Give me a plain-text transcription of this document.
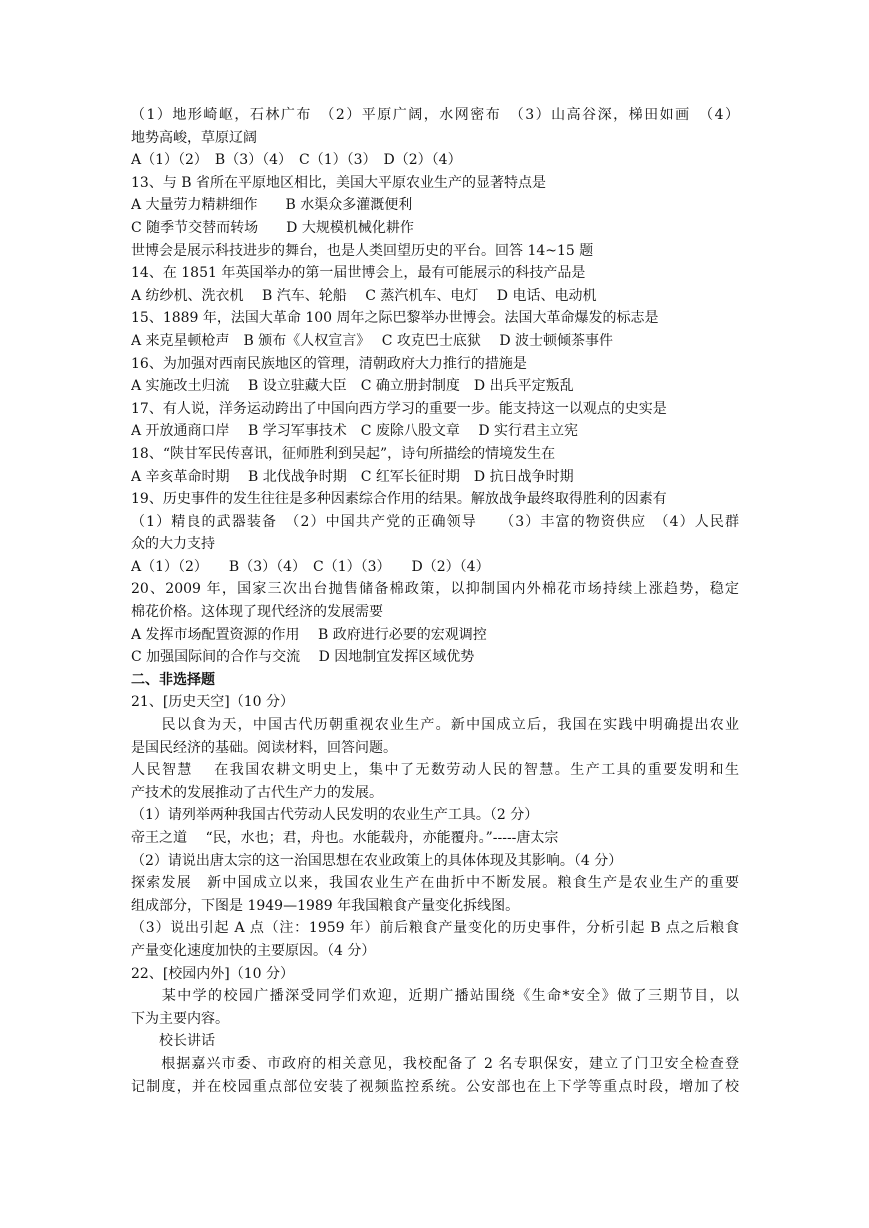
（1）地形崎岖，石林广布　（2）平原广阔，水网密布　（3）山高谷深，梯田如画　（4）
地势高峻，草原辽阔
A（1）（2）　B（3）（4）　C（1）（3）　D（2）（4）
13、与 B 省所在平原地区相比，美国大平原农业生产的显著特点是
A 大量劳力精耕细作　　B 水渠众多灌溉便利
C 随季节交替而转场　　D 大规模机械化耕作
世博会是展示科技进步的舞台，也是人类回望历史的平台。回答 14~15 题
14、在 1851 年英国举办的第一届世博会上，最有可能展示的科技产品是
A 纺纱机、洗衣机　 B 汽车、轮船　 C 蒸汽机车、电灯　 D 电话、电动机
15、1889 年，法国大革命 100 周年之际巴黎举办世博会。法国大革命爆发的标志是
A 来克星顿枪声　B 颁布《人权宣言》　 C 攻克巴士底狱　 D 波士顿倾茶事件
16、为加强对西南民族地区的管理，清朝政府大力推行的措施是
A 实施改土归流　 B 设立驻藏大臣　C 确立册封制度　D 出兵平定叛乱
17、有人说，洋务运动跨出了中国向西方学习的重要一步。能支持这一以观点的史实是
A 开放通商口岸　 B 学习军事技术　C 废除八股文章　 D 实行君主立宪
18、“陕甘军民传喜讯，征师胜利到吴起”，诗句所描绘的情境发生在
A 辛亥革命时期　 B 北伐战争时期　C 红军长征时期　D 抗日战争时期
19、历史事件的发生往往是多种因素综合作用的结果。解放战争最终取得胜利的因素有
（1）精良的武器装备　（2）中国共产党的正确领导　　（3）丰富的物资供应　（4）人民群
众的大力支持
A（1）（2）　　B（3）（4）　C（1）（3）　　D（2）（4）
20、2009 年，国家三次出台抛售储备棉政策，以抑制国内外棉花市场持续上涨趋势，稳定
棉花价格。这体现了现代经济的发展需要
A 发挥市场配置资源的作用　 B 政府进行必要的宏观调控
C 加强国际间的合作与交流　 D 因地制宜发挥区域优势
二、非选择题
21、[历史天空]（10 分）
　　民以食为天，中国古代历朝重视农业生产。新中国成立后，我国在实践中明确提出农业
是国民经济的基础。阅读材料，回答问题。
人民智慧　 在我国农耕文明史上，集中了无数劳动人民的智慧。生产工具的重要发明和生
产技术的发展推动了古代生产力的发展。
（1）请列举两种我国古代劳动人民发明的农业生产工具。（2 分）
帝王之道　 “民，水也；君，舟也。水能载舟，亦能覆舟。”-----唐太宗
（2）请说出唐太宗的这一治国思想在农业政策上的具体体现及其影响。（4 分）
探索发展　新中国成立以来，我国农业生产在曲折中不断发展。粮食生产是农业生产的重要
组成部分，下图是 1949—1989 年我国粮食产量变化拆线图。
（3）说出引起 A 点（注：1959 年）前后粮食产量变化的历史事件，分析引起 B 点之后粮食
产量变化速度加快的主要原因。（4 分）
22、[校园内外]（10 分）
　　某中学的校园广播深受同学们欢迎，近期广播站围绕《生命*安全》做了三期节目，以
下为主要内容。
　　校长讲话
　　根据嘉兴市委、市政府的相关意见，我校配备了 2 名专职保安，建立了门卫安全检查登
记制度，并在校园重点部位安装了视频监控系统。公安部也在上下学等重点时段，增加了校
